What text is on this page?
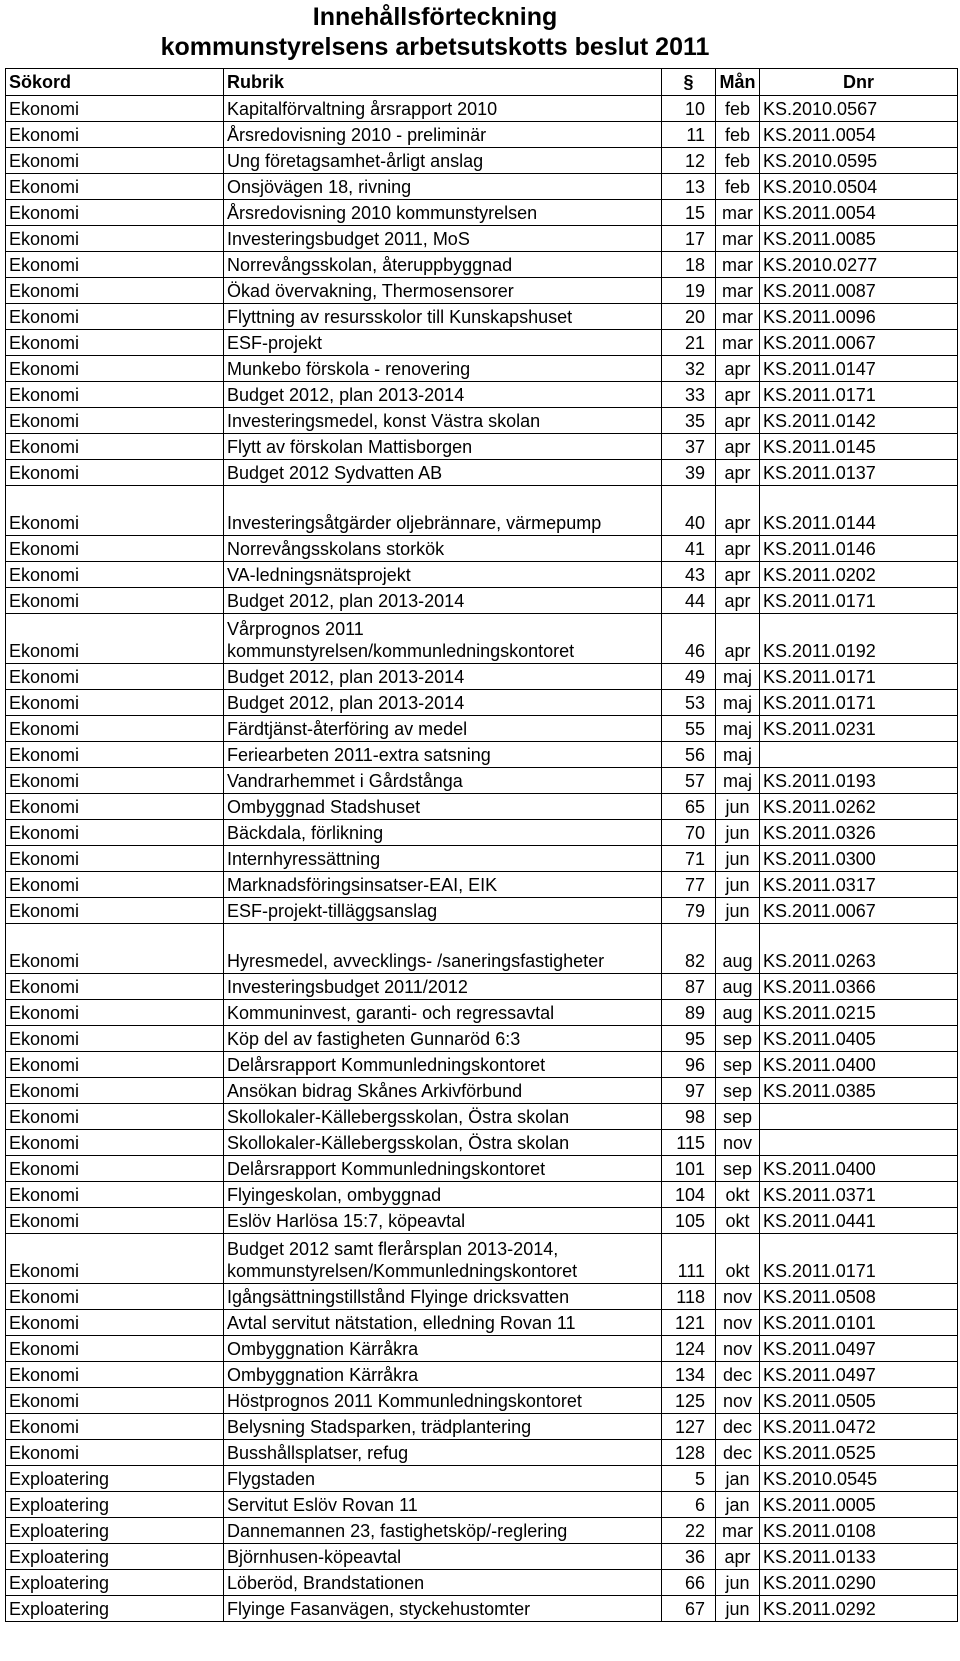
Innehållsförteckning
kommunstyrelsens arbetsutskotts beslut 2011
Sökord	Rubrik	§	Mån	Dnr
Ekonomi	Kapitalförvaltning årsrapport 2010	10	feb	KS.2010.0567
Ekonomi	Årsredovisning 2010 - preliminär	11	feb	KS.2011.0054
Ekonomi	Ung företagsamhet-årligt anslag	12	feb	KS.2010.0595
Ekonomi	Onsjövägen 18, rivning	13	feb	KS.2010.0504
Ekonomi	Årsredovisning 2010 kommunstyrelsen	15	mar	KS.2011.0054
Ekonomi	Investeringsbudget 2011, MoS	17	mar	KS.2011.0085
Ekonomi	Norrevångsskolan, återuppbyggnad	18	mar	KS.2010.0277
Ekonomi	Ökad övervakning, Thermosensorer	19	mar	KS.2011.0087
Ekonomi	Flyttning av resursskolor till Kunskapshuset	20	mar	KS.2011.0096
Ekonomi	ESF-projekt	21	mar	KS.2011.0067
Ekonomi	Munkebo förskola - renovering	32	apr	KS.2011.0147
Ekonomi	Budget 2012, plan 2013-2014	33	apr	KS.2011.0171
Ekonomi	Investeringsmedel, konst Västra skolan	35	apr	KS.2011.0142
Ekonomi	Flytt av förskolan Mattisborgen	37	apr	KS.2011.0145
Ekonomi	Budget 2012 Sydvatten AB	39	apr	KS.2011.0137
Ekonomi	Investeringsåtgärder oljebrännare, värmepump	40	apr	KS.2011.0144
Ekonomi	Norrevångsskolans storkök	41	apr	KS.2011.0146
Ekonomi	VA-ledningsnätsprojekt	43	apr	KS.2011.0202
Ekonomi	Budget 2012, plan 2013-2014	44	apr	KS.2011.0171
Ekonomi	Vårprognos 2011 kommunstyrelsen/kommunledningskontoret	46	apr	KS.2011.0192
Ekonomi	Budget 2012, plan 2013-2014	49	maj	KS.2011.0171
Ekonomi	Budget 2012, plan 2013-2014	53	maj	KS.2011.0171
Ekonomi	Färdtjänst-återföring av medel	55	maj	KS.2011.0231
Ekonomi	Feriearbeten 2011-extra satsning	56	maj	
Ekonomi	Vandrarhemmet i Gårdstånga	57	maj	KS.2011.0193
Ekonomi	Ombyggnad Stadshuset	65	jun	KS.2011.0262
Ekonomi	Bäckdala, förlikning	70	jun	KS.2011.0326
Ekonomi	Internhyressättning	71	jun	KS.2011.0300
Ekonomi	Marknadsföringsinsatser-EAI, EIK	77	jun	KS.2011.0317
Ekonomi	ESF-projekt-tilläggsanslag	79	jun	KS.2011.0067
Ekonomi	Hyresmedel, avvecklings- /saneringsfastigheter	82	aug	KS.2011.0263
Ekonomi	Investeringsbudget 2011/2012	87	aug	KS.2011.0366
Ekonomi	Kommuninvest, garanti- och regressavtal	89	aug	KS.2011.0215
Ekonomi	Köp del av fastigheten Gunnaröd 6:3	95	sep	KS.2011.0405
Ekonomi	Delårsrapport Kommunledningskontoret	96	sep	KS.2011.0400
Ekonomi	Ansökan bidrag Skånes Arkivförbund	97	sep	KS.2011.0385
Ekonomi	Skollokaler-Källebergsskolan, Östra skolan	98	sep	
Ekonomi	Skollokaler-Källebergsskolan, Östra skolan	115	nov	
Ekonomi	Delårsrapport Kommunledningskontoret	101	sep	KS.2011.0400
Ekonomi	Flyingeskolan, ombyggnad	104	okt	KS.2011.0371
Ekonomi	Eslöv Harlösa 15:7, köpeavtal	105	okt	KS.2011.0441
Ekonomi	Budget 2012 samt flerårsplan 2013-2014, kommunstyrelsen/Kommunledningskontoret	111	okt	KS.2011.0171
Ekonomi	Igångsättningstillstånd Flyinge dricksvatten	118	nov	KS.2011.0508
Ekonomi	Avtal servitut nätstation, elledning Rovan 11	121	nov	KS.2011.0101
Ekonomi	Ombyggnation Kärråkra	124	nov	KS.2011.0497
Ekonomi	Ombyggnation Kärråkra	134	dec	KS.2011.0497
Ekonomi	Höstprognos 2011 Kommunledningskontoret	125	nov	KS.2011.0505
Ekonomi	Belysning Stadsparken, trädplantering	127	dec	KS.2011.0472
Ekonomi	Busshållsplatser, refug	128	dec	KS.2011.0525
Exploatering	Flygstaden	5	jan	KS.2010.0545
Exploatering	Servitut Eslöv Rovan 11	6	jan	KS.2011.0005
Exploatering	Dannemannen 23, fastighetsköp/-reglering	22	mar	KS.2011.0108
Exploatering	Björnhusen-köpeavtal	36	apr	KS.2011.0133
Exploatering	Löberöd, Brandstationen	66	jun	KS.2011.0290
Exploatering	Flyinge Fasanvägen, styckehustomter	67	jun	KS.2011.0292
